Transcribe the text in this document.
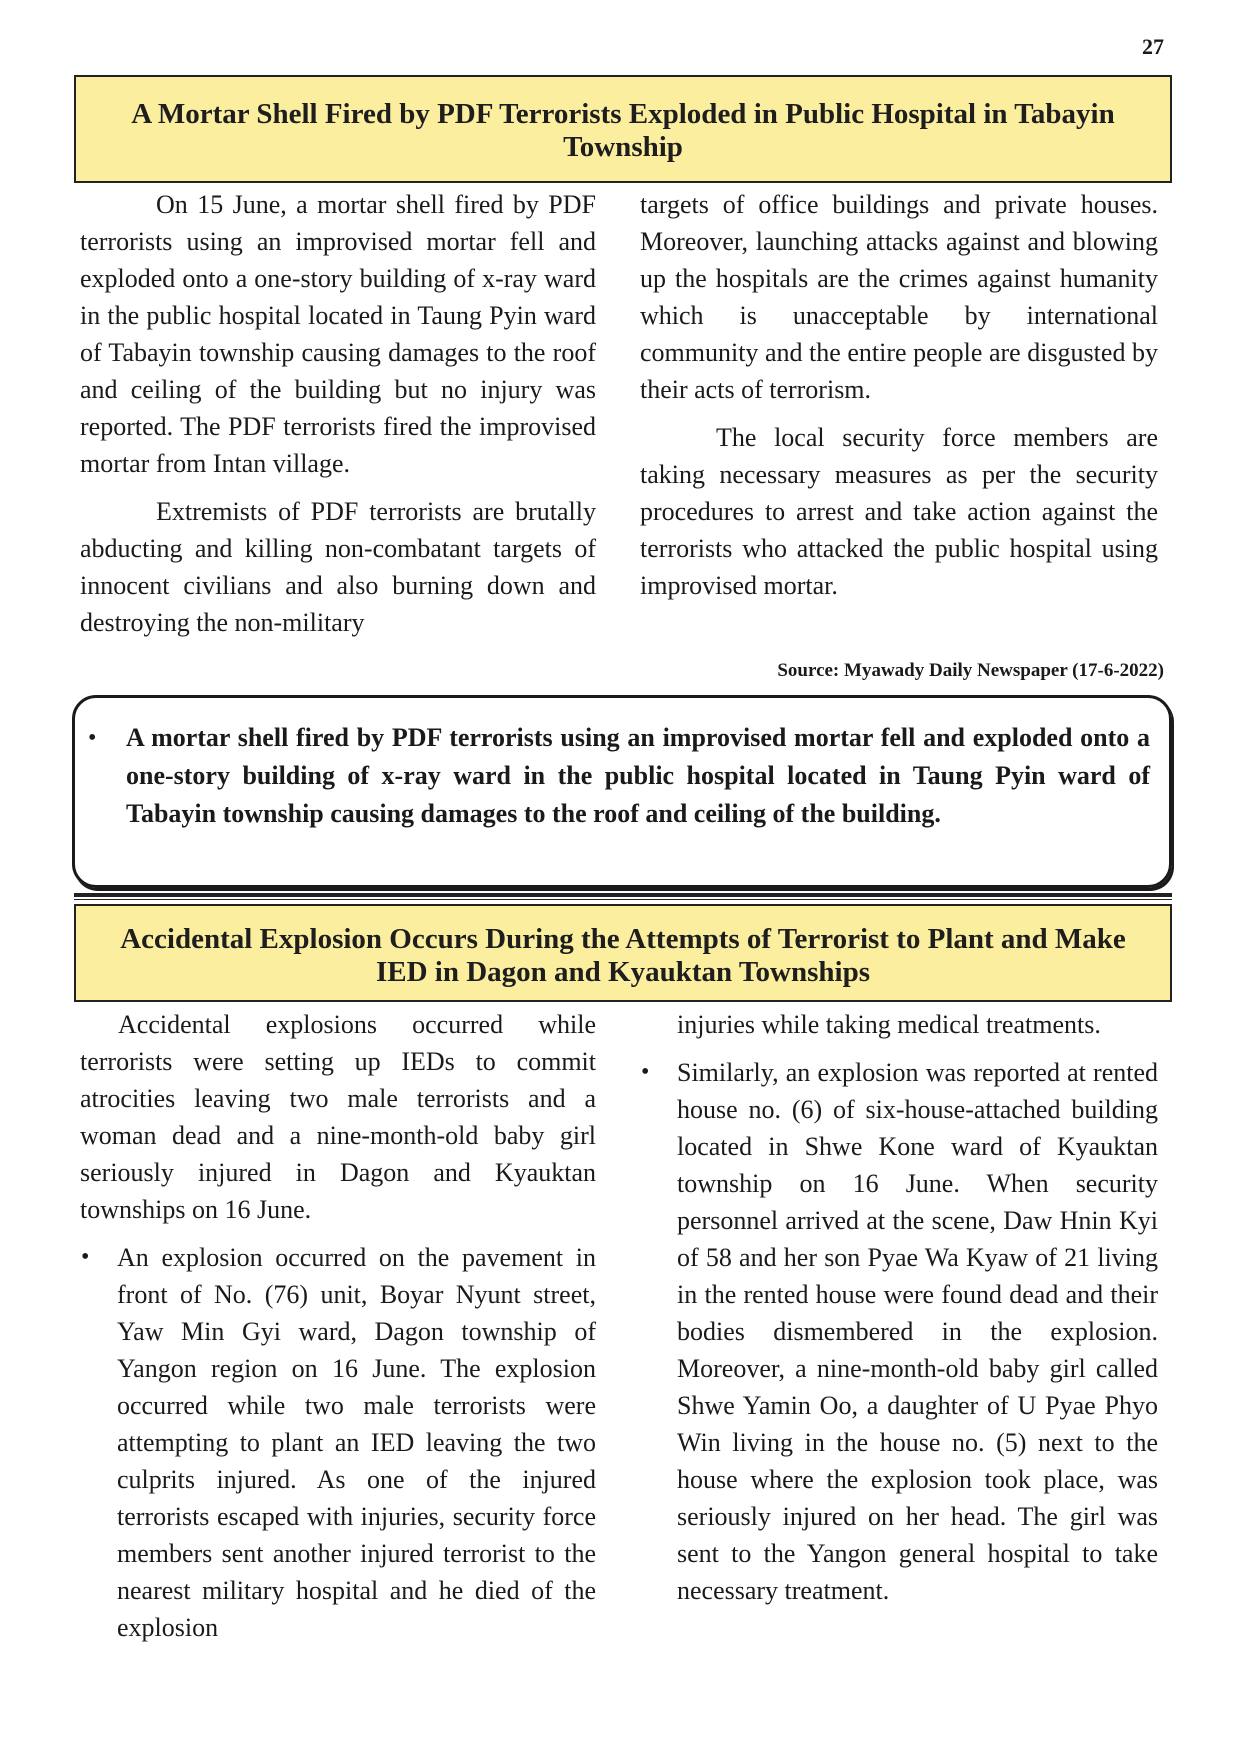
27
A Mortar Shell Fired by PDF Terrorists Exploded in Public Hospital in Tabayin Township

On 15 June, a mortar shell fired by PDF terrorists using an improvised mortar fell and exploded onto a one-story building of x-ray ward in the public hospital located in Taung Pyin ward of Tabayin township causing damages to the roof and ceiling of the building but no injury was reported. The PDF terrorists fired the improvised mortar from Intan village.

Extremists of PDF terrorists are brutally abducting and killing non-combatant targets of innocent civilians and also burning down and destroying the non-military

targets of office buildings and private houses. Moreover, launching attacks against and blowing up the hospitals are the crimes against humanity which is unacceptable by international community and the entire people are disgusted by their acts of terrorism.

The local security force members are taking necessary measures as per the security procedures to arrest and take action against the terrorists who attacked the public hospital using improvised mortar.

Source: Myawady Daily Newspaper (17-6-2022)
• A mortar shell fired by PDF terrorists using an improvised mortar fell and exploded onto a one-story building of x-ray ward in the public hospital located in Taung Pyin ward of Tabayin township causing damages to the roof and ceiling of the building.
Accidental Explosion Occurs During the Attempts of Terrorist to Plant and Make IED in Dagon and Kyauktan Townships

Accidental explosions occurred while terrorists were setting up IEDs to commit atrocities leaving two male terrorists and a woman dead and a nine-month-old baby girl seriously injured in Dagon and Kyauktan townships on 16 June.

• An explosion occurred on the pavement in front of No. (76) unit, Boyar Nyunt street, Yaw Min Gyi ward, Dagon township of Yangon region on 16 June. The explosion occurred while two male terrorists were attempting to plant an IED leaving the two culprits injured. As one of the injured terrorists escaped with injuries, security force members sent another injured terrorist to the nearest military hospital and he died of the explosion

injuries while taking medical treatments.

• Similarly, an explosion was reported at rented house no. (6) of six-house-attached building located in Shwe Kone ward of Kyauktan township on 16 June. When security personnel arrived at the scene, Daw Hnin Kyi of 58 and her son Pyae Wa Kyaw of 21 living in the rented house were found dead and their bodies dismembered in the explosion. Moreover, a nine-month-old baby girl called Shwe Yamin Oo, a daughter of U Pyae Phyo Win living in the house no. (5) next to the house where the explosion took place, was seriously injured on her head. The girl was sent to the Yangon general hospital to take necessary treatment.
